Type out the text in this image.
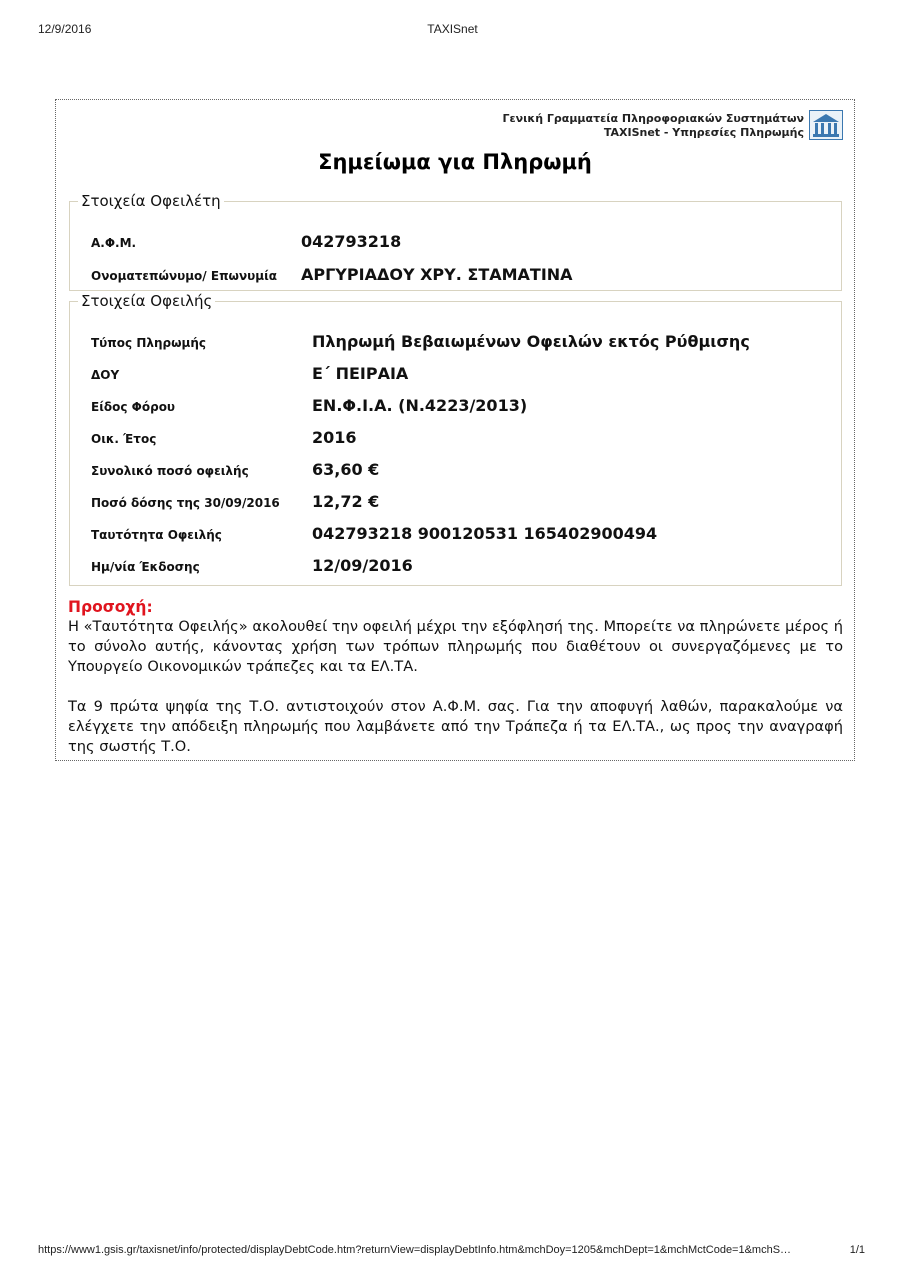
12/9/2016	TAXISnet
Γενική Γραμματεία Πληροφοριακών Συστημάτων
TAXISnet - Υπηρεσίες Πληρωμής
Σημείωμα για Πληρωμή
Στοιχεία Οφειλέτη
Α.Φ.Μ.	042793218
Ονοματεπώνυμο/ Επωνυμία ΑΡΓΥΡΙΑΔΟΥ ΧΡΥ. ΣΤΑΜΑΤΙΝΑ
Στοιχεία Οφειλής
Τύπος Πληρωμής	Πληρωμή Βεβαιωμένων Οφειλών εκτός Ρύθμισης
ΔΟΥ	Ε΄ ΠΕΙΡΑΙΑ
Είδος Φόρου	ΕΝ.Φ.Ι.Α. (Ν.4223/2013)
Οικ. Έτος	2016
Συνολικό ποσό οφειλής	63,60 €
Ποσό δόσης της 30/09/2016 12,72 €
Ταυτότητα Οφειλής	042793218 900120531 165402900494
Ημ/νία Έκδοσης	12/09/2016
Προσοχή:

Η «Ταυτότητα Οφειλής» ακολουθεί την οφειλή μέχρι την εξόφλησή της. Μπορείτε να πληρώνετε μέρος ή το σύνολο αυτής, κάνοντας χρήση των τρόπων πληρωμής που διαθέτουν οι συνεργαζόμενες με το Υπουργείο Οικονομικών τράπεζες και τα ΕΛ.ΤΑ.

Τα 9 πρώτα ψηφία της Τ.Ο. αντιστοιχούν στον Α.Φ.Μ. σας. Για την αποφυγή λαθών, παρακαλούμε να ελέγχετε την απόδειξη πληρωμής που λαμβάνετε από την Τράπεζα ή τα ΕΛ.ΤΑ., ως προς την αναγραφή της σωστής Τ.Ο.

https://www1.gsis.gr/taxisnet/info/protected/displayDebtCode.htm?returnView=displayDebtInfo.htm&mchDoy=1205&mchDept=1&mchMctCode=1&mchS…	1/1
